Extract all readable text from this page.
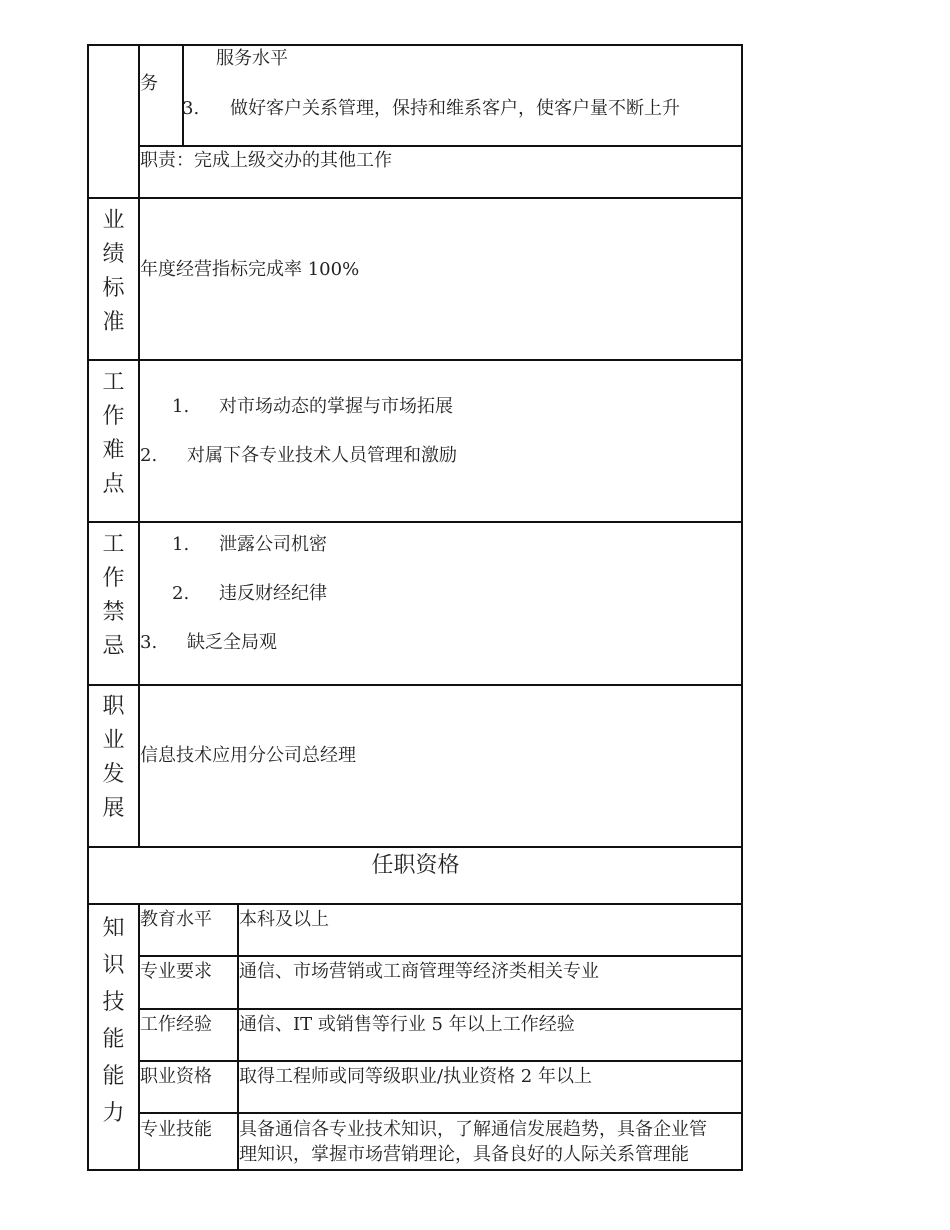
务
服务水平
3. 做好客户关系管理，保持和维系客户，使客户量不断上升
职责：完成上级交办的其他工作
业
绩
标
准
年度经营指标完成率 100%
工
作
难
点
1. 对市场动态的掌握与市场拓展
2. 对属下各专业技术人员管理和激励
工
作
禁
忌
1. 泄露公司机密
2. 违反财经纪律
3. 缺乏全局观
职
业
发
展
信息技术应用分公司总经理
任职资格
知
识
技
能
能
力
教育水平 本科及以上
专业要求 通信、市场营销或工商管理等经济类相关专业
工作经验 通信、IT 或销售等行业 5 年以上工作经验
职业资格 取得工程师或同等级职业/执业资格 2 年以上
专业技能 具备通信各专业技术知识，了解通信发展趋势，具备企业管
理知识，掌握市场营销理论，具备良好的人际关系管理能
